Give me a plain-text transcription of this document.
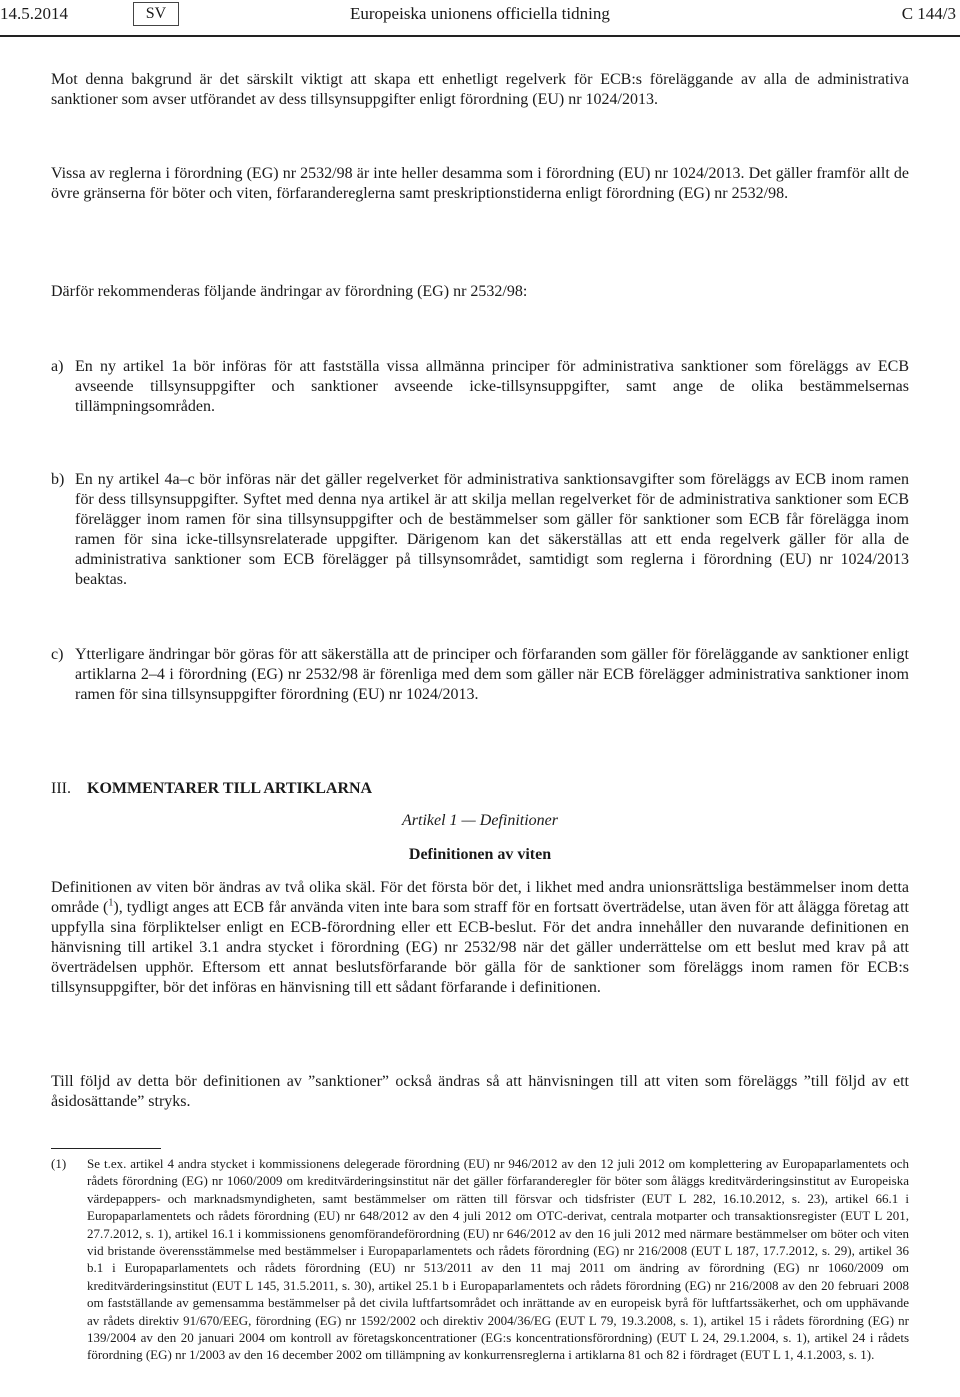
14.5.2014	SV	Europeiska unionens officiella tidning	C 144/3

Mot denna bakgrund är det särskilt viktigt att skapa ett enhetligt regelverk för ECB:s föreläggande av alla de administrativa sanktioner som avser utförandet av dess tillsynsuppgifter enligt förordning (EU) nr 1024/2013.

Vissa av reglerna i förordning (EG) nr 2532/98 är inte heller desamma som i förordning (EU) nr 1024/2013. Det gäller framför allt de övre gränserna för böter och viten, förfarandereglerna samt preskriptionstiderna enligt förordning (EG) nr 2532/98.

Därför rekommenderas följande ändringar av förordning (EG) nr 2532/98:

a) En ny artikel 1a bör införas för att fastställa vissa allmänna principer för administrativa sanktioner som föreläggs av ECB avseende tillsynsuppgifter och sanktioner avseende icke-tillsynsuppgifter, samt ange de olika bestämmelsernas tillämpningsområden.
b) En ny artikel 4a–c bör införas när det gäller regelverket för administrativa sanktionsavgifter som föreläggs av ECB inom ramen för dess tillsynsuppgifter. Syftet med denna nya artikel är att skilja mellan regelverket för de administrativa sanktioner som ECB förelägger inom ramen för sina tillsynsuppgifter och de bestämmelser som gäller för sanktioner som ECB får förelägga inom ramen för sina icke-tillsynsrelaterade uppgifter. Därigenom kan det säkerställas att ett enda regelverk gäller för alla de administrativa sanktioner som ECB förelägger på tillsynsområdet, samtidigt som reglerna i förordning (EU) nr 1024/2013 beaktas.
c) Ytterligare ändringar bör göras för att säkerställa att de principer och förfaranden som gäller för föreläggande av sanktioner enligt artiklarna 2–4 i förordning (EG) nr 2532/98 är förenliga med dem som gäller när ECB förelägger administrativa sanktioner inom ramen för sina tillsynsuppgifter förordning (EU) nr 1024/2013.
III.	KOMMENTARER TILL ARTIKLARNA
Artikel 1 — Definitioner
Definitionen av viten

Definitionen av viten bör ändras av två olika skäl. För det första bör det, i likhet med andra unionsrättsliga bestämmelser inom detta område ($^1$), tydligt anges att ECB får använda viten inte bara som straff för en fortsatt överträdelse, utan även för att ålägga företag att uppfylla sina förpliktelser enligt en ECB-förordning eller ett ECB-beslut. För det andra innehåller den nuvarande definitionen en hänvisning till artikel 3.1 andra stycket i förordning (EG) nr 2532/98 när det gäller underrättelse om ett beslut med krav på att överträdelsen upphör. Eftersom ett annat beslutsförfarande bör gälla för de sanktioner som föreläggs inom ramen för ECB:s tillsynsuppgifter, bör det införas en hänvisning till ett sådant förfarande i definitionen.

Till följd av detta bör definitionen av ”sanktioner” också ändras så att hänvisningen till att viten som föreläggs ”till följd av ett åsidosättande” stryks.

(1)	Se t.ex. artikel 4 andra stycket i kommissionens delegerade förordning (EU) nr 946/2012 av den 12 juli 2012 om komplettering av Europaparlamentets och rådets förordning (EG) nr 1060/2009 om kreditvärderingsinstitut när det gäller förfaranderegler för böter som åläggs kreditvärderingsinstitut av Europeiska värdepappers- och marknadsmyndigheten, samt bestämmelser om rätten till försvar och tidsfrister (EUT L 282, 16.10.2012, s. 23), artikel 66.1 i Europaparlamentets och rådets förordning (EU) nr 648/2012 av den 4 juli 2012 om OTC-derivat, centrala motparter och transaktionsregister (EUT L 201, 27.7.2012, s. 1), artikel 16.1 i kommissionens genomförandeförordning (EU) nr 646/2012 av den 16 juli 2012 med närmare bestämmelser om böter och viten vid bristande överensstämmelse med bestämmelser i Europaparlamentets och rådets förordning (EG) nr 216/2008 (EUT L 187, 17.7.2012, s. 29), artikel 36 b.1 i Europaparlamentets och rådets förordning (EU) nr 513/2011 av den 11 maj 2011 om ändring av förordning (EG) nr 1060/2009 om kreditvärderingsinstitut (EUT L 145, 31.5.2011, s. 30), artikel 25.1 b i Europaparlamentets och rådets förordning (EG) nr 216/2008 av den 20 februari 2008 om fastställande av gemensamma bestämmelser på det civila luftfartsområdet och inrättande av en europeisk byrå för luftfartssäkerhet, och om upphävande av rådets direktiv 91/670/EEG, förordning (EG) nr 1592/2002 och direktiv 2004/36/EG (EUT L 79, 19.3.2008, s. 1), artikel 15 i rådets förordning (EG) nr 139/2004 av den 20 januari 2004 om kontroll av företagskoncentrationer (EG:s koncentrationsförordning) (EUT L 24, 29.1.2004, s. 1), artikel 24 i rådets förordning (EG) nr 1/2003 av den 16 december 2002 om tillämpning av konkurrensreglerna i artiklarna 81 och 82 i fördraget (EUT L 1, 4.1.2003, s. 1).
